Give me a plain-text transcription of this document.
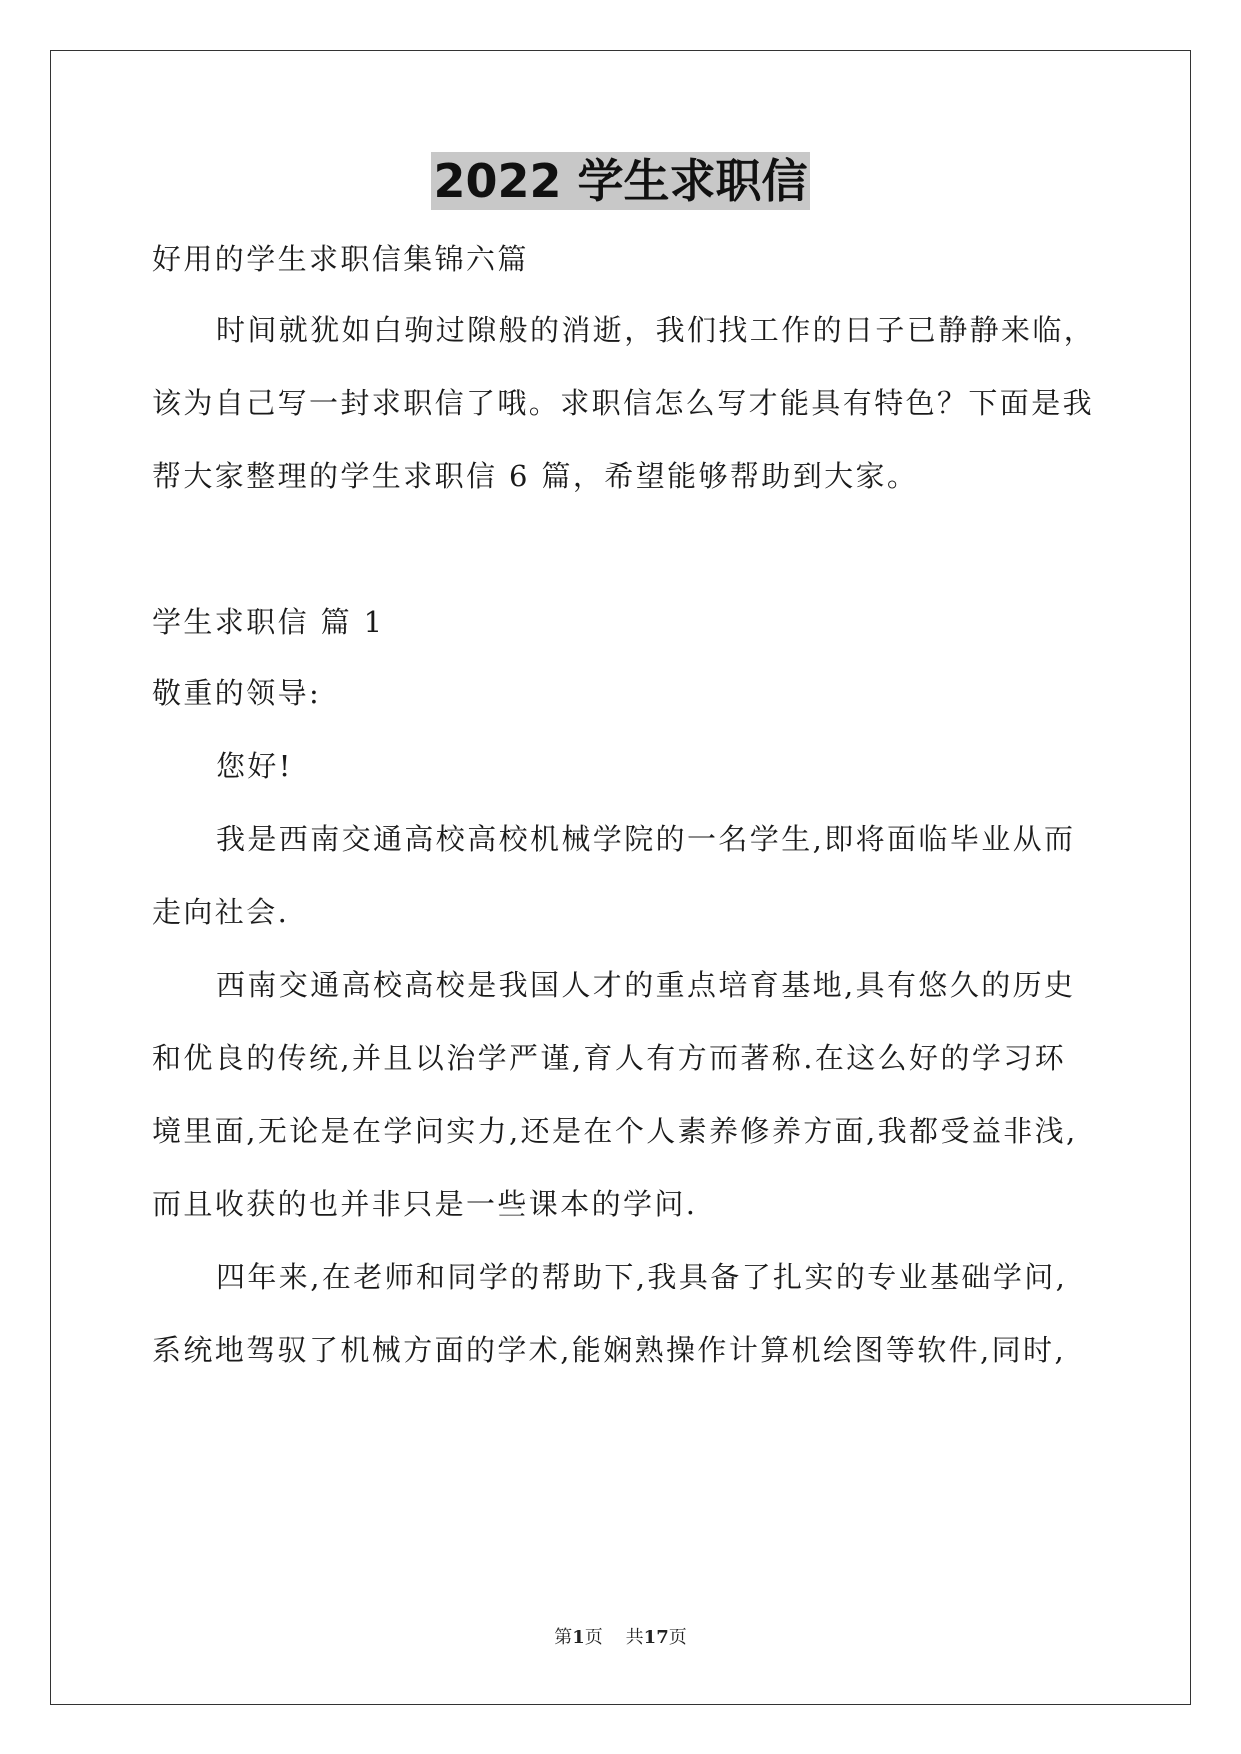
2022 学生求职信
好用的学生求职信集锦六篇
时间就犹如白驹过隙般的消逝，我们找工作的日子已静静来临，
该为自己写一封求职信了哦。求职信怎么写才能具有特色？下面是我
帮大家整理的学生求职信 6 篇，希望能够帮助到大家。
学生求职信 篇 1
敬重的领导:
您好!
我是西南交通高校高校机械学院的一名学生,即将面临毕业从而
走向社会.
西南交通高校高校是我国人才的重点培育基地,具有悠久的历史
和优良的传统,并且以治学严谨,育人有方而著称.在这么好的学习环
境里面,无论是在学问实力,还是在个人素养修养方面,我都受益非浅,
而且收获的也并非只是一些课本的学问.
四年来,在老师和同学的帮助下,我具备了扎实的专业基础学问,
系统地驾驭了机械方面的学术,能娴熟操作计算机绘图等软件,同时,
第1页    共17页
